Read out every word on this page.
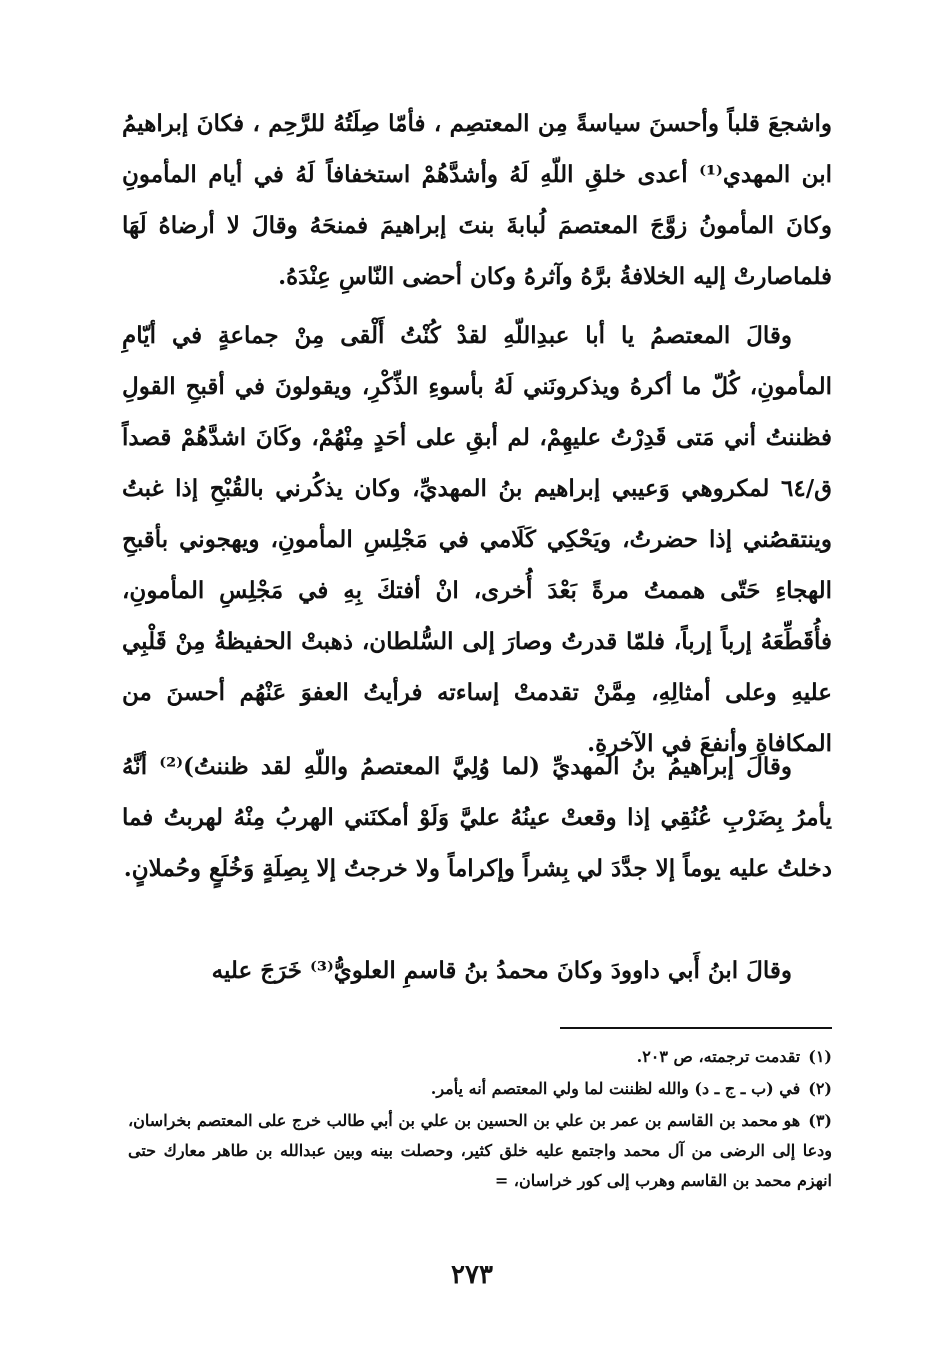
واشجعَ قلباً وأحسنَ سياسةً مِن المعتصِم ، فأمّا صِلَتُهُ للرَّحِم ، فكانَ إبراهيمُ ابن المهدي⁽¹⁾ أعدى خلقِ اللّهِ لَهُ وأشدَّهُمْ استخفافاً لَهُ في أيام المأمونِ وكانَ المأمونُ زوَّجَ المعتصمَ لُبابةَ بنتَ إبراهيمَ فمنحَهُ وقالَ لا أرضاهُ لَهَا فلماصارتْ إليه الخلافةُ برَّهُ وآثرهُ وكان أحضى النّاسِ عِنْدَهُ.

وقالَ المعتصمُ يا أبا عبدِاللّهِ لقدْ كُنْتُ أَلْقى مِنْ جماعةٍ في أيّامِ المأمونِ، كُلّ ما أكرهُ ويذكرونَني لَهُ بأسوءِ الذِّكْرِ، ويقولونَ في أقبحِ القولِ فظننتُ أني مَتى قَدِرْتُ عليهِمْ، لم أبقِ على أحَدٍ مِنْهُمْ، وكَانَ اشدَّهُمْ قصداً ق/٦٤ لمكروهي وَعيبي إبراهيم بنُ المهديِّ، وكان يذكُرني بالقُبْحِ إذا غبتُ وينتقصُني إذا حضرتُ، ويَحْكِي كَلَامي في مَجْلِسِ المأمونِ، ويهجوني بأقبحِ الهجاءِ حَتّى هممتُ مرةً بَعْدَ أُخرى، انْ أفتكَ بِهِ في مَجْلِسِ المأمونِ، فأُقَطِّعَهُ إرباً إرباً، فلمّا قدرتُ وصارَ إلى السُّلطان، ذهبتْ الحفيظةُ مِنْ قَلْبِي عليهِ وعلى أمثالِهِ، مِمَّنْ تقدمتْ إساءته فرأيتُ العفوَ عَنْهُم أحسنَ من المكافاةِ وأنفعَ في الآخرةِ.

وقالَ إبراهيمُ بنُ المهديِّ (لما وُلِيَّ المعتصمُ واللّهِ لقد ظننتُ)⁽²⁾ أنَّهُ يأمرُ بِضَرْبِ عُنُقِي إذا وقعتْ عينُهُ عليَّ وَلَوْ أمكنَني الهربُ مِنْهُ لهربتُ فما دخلتُ عليه يوماً إلا جدَّدَ لي بِشراً وإكراماً ولا خرجتُ إلا بِصِلَةٍ وَخُلَعٍ وحُملانٍ.

وقالَ ابنُ أَبي داوودَ وكانَ محمدُ بنُ قاسمِ العلويُّ⁽³⁾ خَرَجَ عليه

(١)تقدمت ترجمته، ص ٢٠٣.

(٢)في (ب ـ ج ـ د) والله لظننت لما ولي المعتصم أنه يأمر.

(٣)هو محمد بن القاسم بن عمر بن علي بن الحسين بن علي بن أبي طالب خرج على المعتصم بخراسان، ودعا إلى الرضى من آل محمد واجتمع عليه خلق كثير، وحصلت بينه وبين عبدالله بن طاهر معارك حتى انهزم محمد بن القاسم وهرب إلى كور خراسان، =

٢٧٣
